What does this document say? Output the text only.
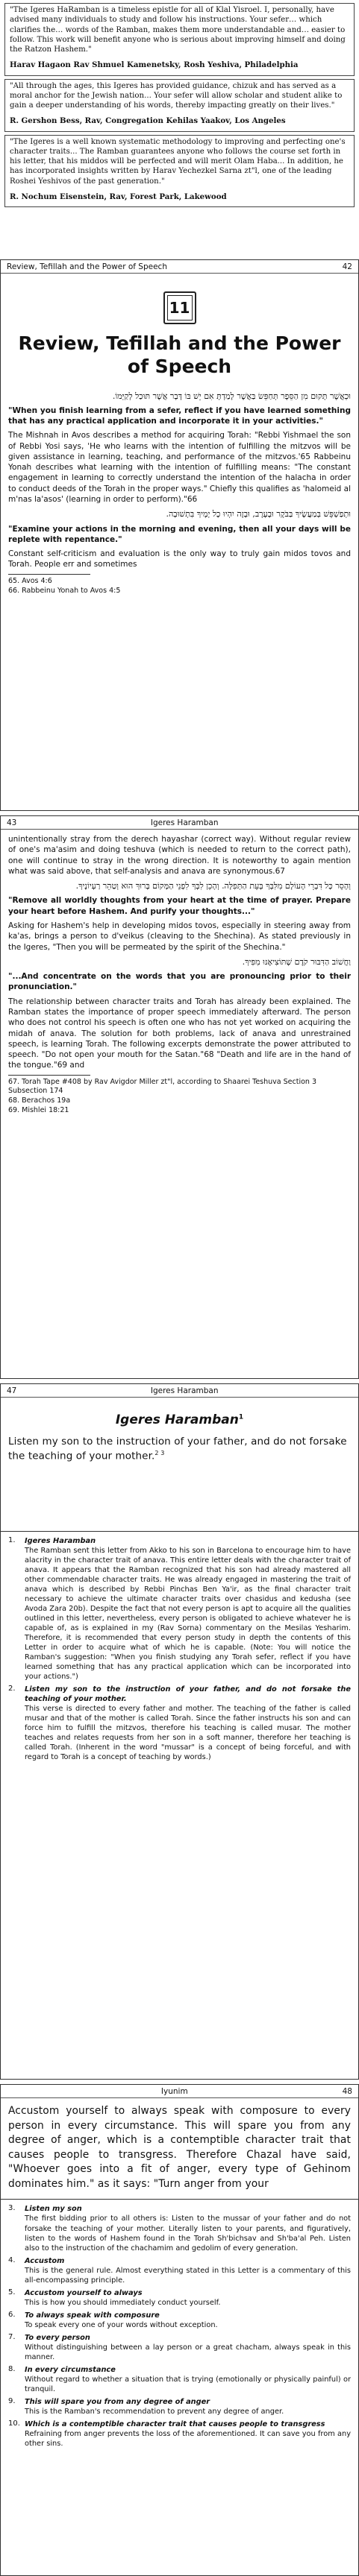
"The Igeres HaRamban is a timeless epistle for all of Klal Yisroel. I, personally, have advised many individuals to study and follow his instructions. Your sefer… which clarifies the… words of the Ramban, makes them more understandable and… easier to follow. This work will benefit anyone who is serious about improving himself and doing the Ratzon Hashem."

Harav Hagaon Rav Shmuel Kamenetsky, Rosh Yeshiva, Philadelphia

"All through the ages, this Igeres has provided guidance, chizuk and has served as a moral anchor for the Jewish nation... Your sefer will allow scholar and student alike to gain a deeper understanding of his words, thereby impacting greatly on their lives."

R. Gershon Bess, Rav, Congregation Kehilas Yaakov, Los Angeles

"The Igeres is a well known systematic methodology to improving and perfecting one's character traits... The Ramban guarantees anyone who follows the course set forth in his letter, that his middos will be perfected and will merit Olam Haba... In addition, he has incorporated insights written by Harav Yechezkel Sarna zt"l, one of the leading Roshei Yeshivos of the past generation."

R. Nochum Eisenstein, Rav, Forest Park, Lakewood

Review, Tefillah and the Power of Speech	42
11
Review, Tefillah and the Power of Speech

וּכְאֲשֶׁר תָּקוּם מִן הַסֵּפֶר תְּחַפֵּשׂ בַּאֲשֶׁר לָמַדְתָּ אִם יֵשׁ בּוֹ דָּבָר אֲשֶׁר תּוּכַל לְקַיְּמוֹ.

"When you finish learning from a sefer, reflect if you have learned something that has any practical application and incorporate it in your activities."

The Mishnah in Avos describes a method for acquiring Torah: "Rebbi Yishmael the son of Rebbi Yosi says, 'He who learns with the intention of fulfilling the mitzvos will be given assistance in learning, teaching, and performance of the mitzvos.'65 Rabbeinu Yonah describes what learning with the intention of fulfilling means: "The constant engagement in learning to correctly understand the intention of the halacha in order to conduct deeds of the Torah in the proper ways." Chiefly this qualifies as 'halomeid al m'nas la'asos' (learning in order to perform)."66

וּתְפַשְׁפֵּשׁ בְּמַעֲשֶׂיךָ בַּבֹּקֶר וּבָעֶרֶב, וּבָזֶה יִהְיוּ כָל יָמֶיךָ בִּתְשׁוּבָה.

"Examine your actions in the morning and evening, then all your days will be replete with repentance."

Constant self-criticism and evaluation is the only way to truly gain midos tovos and Torah. People err and sometimes

65. Avos 4:6

66. Rabbeinu Yonah to Avos 4:5

43	Igeres Haramban

unintentionally stray from the derech hayashar (correct way). Without regular review of one's ma'asim and doing teshuva (which is needed to return to the correct path), one will continue to stray in the wrong direction. It is noteworthy to again mention what was said above, that self-analysis and anava are synonymous.67

וְהָסֵר כָּל דִּבְרֵי הָעוֹלָם מִלִּבְּךָ בְּעֵת הַתְּפִלָּה. וְהָכֵן לִבְּךָ לִפְנֵי הַמָּקוֹם בָּרוּךְ הוּא וְטַהֵר רַעְיוֹנֶיךָ.

"Remove all worldly thoughts from your heart at the time of prayer. Prepare your heart before Hashem. And purify your thoughts..."

Asking for Hashem's help in developing midos tovos, especially in steering away from ka'as, brings a person to d'veikus (cleaving to the Shechina). As stated previously in the Igeres, "Then you will be permeated by the spirit of the Shechina."

וַחֲשׁוֹב הַדִּבּוּר קֹדֶם שֶׁתּוֹצִיאֶנּוּ מִפִּיךָ.

"...And concentrate on the words that you are pronouncing prior to their pronunciation."

The relationship between character traits and Torah has already been explained. The Ramban states the importance of proper speech immediately afterward. The person who does not control his speech is often one who has not yet worked on acquiring the midah of anava. The solution for both problems, lack of anava and unrestrained speech, is learning Torah. The following excerpts demonstrate the power attributed to speech. "Do not open your mouth for the Satan."68 "Death and life are in the hand of the tongue."69 and

67. Torah Tape #408 by Rav Avigdor Miller zt"l, according to Shaarei Teshuva Section 3 Subsection 174

68. Berachos 19a

69. Mishlei 18:21

47	Igeres Haramban
Igeres Haramban$^1$

Listen my son to the instruction of your father, and do not forsake the teaching of your mother.$^{2 3}$

1.	Igeres Haramban

The Ramban sent this letter from Akko to his son in Barcelona to encourage him to have alacrity in the character trait of anava. This entire letter deals with the character trait of anava. It appears that the Ramban recognized that his son had already mastered all other commendable character traits. He was already engaged in mastering the trait of anava which is described by Rebbi Pinchas Ben Ya'ir, as the final character trait necessary to achieve the ultimate character traits over chasidus and kedusha (see Avoda Zara 20b). Despite the fact that not every person is apt to acquire all the qualities outlined in this letter, nevertheless, every person is obligated to achieve whatever he is capable of, as is explained in my (Rav Sorna) commentary on the Mesilas Yesharim. Therefore, it is recommended that every person study in depth the contents of this Letter in order to acquire what of which he is capable. (Note: You will notice the Ramban's suggestion: "When you finish studying any Torah sefer, reflect if you have learned something that has any practical application which can be incorporated into your actions.")

2.	Listen my son to the instruction of your father, and do not forsake the teaching of your mother.

This verse is directed to every father and mother. The teaching of the father is called musar and that of the mother is called Torah. Since the father instructs his son and can force him to fulfill the mitzvos, therefore his teaching is called musar. The mother teaches and relates requests from her son in a soft manner, therefore her teaching is called Torah. (Inherent in the word "mussar" is a concept of being forceful, and with regard to Torah is a concept of teaching by words.)

Iyunim	48

Accustom yourself to always speak with composure to every person in every circumstance. This will spare you from any degree of anger, which is a contemptible character trait that causes people to transgress. Therefore Chazal have said, "Whoever goes into a fit of anger, every type of Gehinom dominates him." as it says: "Turn anger from your

3.	Listen my son

The first bidding prior to all others is: Listen to the mussar of your father and do not forsake the teaching of your mother. Literally listen to your parents, and figuratively, listen to the words of Hashem found in the Torah Sh'bichsav and Sh'ba'al Peh. Listen also to the instruction of the chachamim and gedolim of every generation.

4.	Accustom

This is the general rule. Almost everything stated in this Letter is a commentary of this all-encompassing principle.

5.	Accustom yourself to always

This is how you should immediately conduct yourself.

6.	To always speak with composure

To speak every one of your words without exception.

7.	To every person

Without distinguishing between a lay person or a great chacham, always speak in this manner.

8.	In every circumstance

Without regard to whether a situation that is trying (emotionally or physically painful) or tranquil.

9.	This will spare you from any degree of anger

This is the Ramban's recommendation to prevent any degree of anger.

10. Which is a contemptible character trait that causes people to transgress

Refraining from anger prevents the loss of the aforementioned. It can save you from any other sins.
